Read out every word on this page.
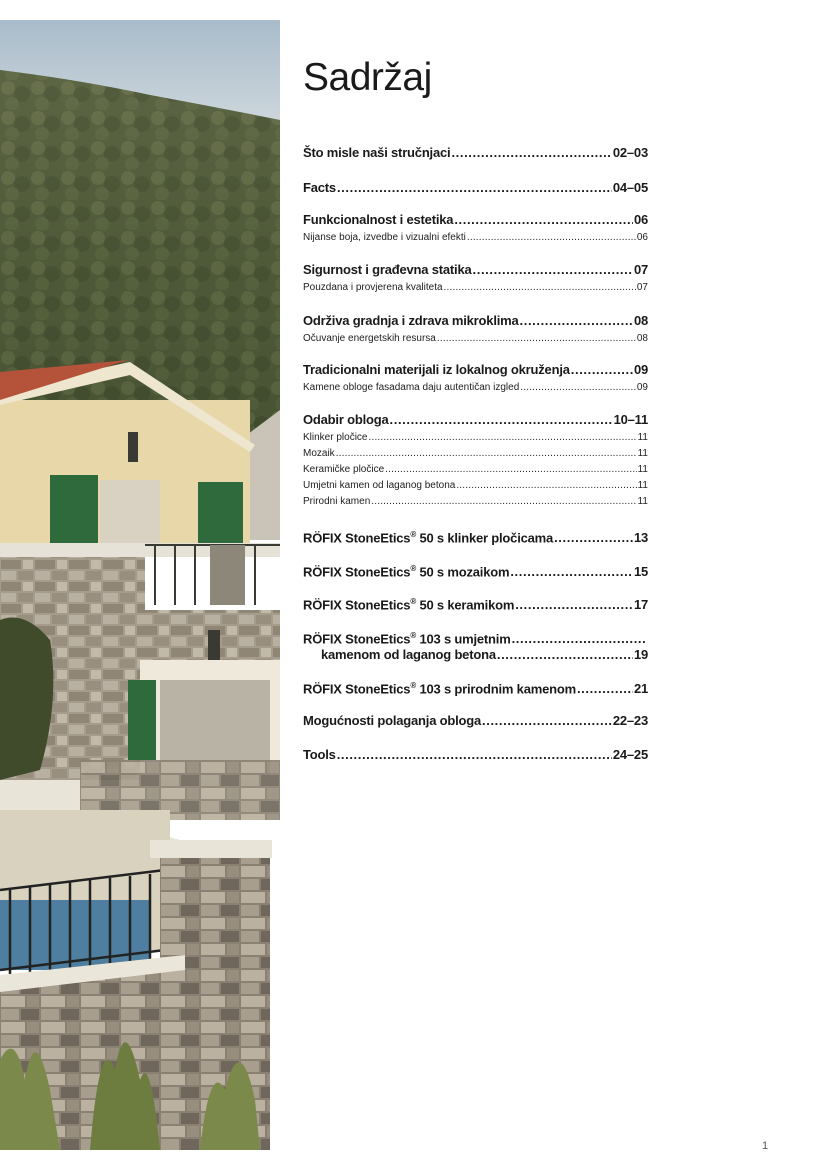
Sadržaj
Što misle naši stručnjaci .....	02–03
Facts .....	04–05
Funkcionalnost i estetika .....	06
Nijanse boja, izvedbe i vizualni efekti .....	06
Sigurnost i građevna statika .....	07
Pouzdana i provjerena kvaliteta .....	07
Održiva gradnja i zdrava mikroklima .....	08
Očuvanje energetskih resursa .....	08
Tradicionalni materijali iz lokalnog okruženja .....	09
Kamene obloge fasadama daju autentičan izgled .....	09
Odabir obloga .....	10–11
Klinker pločice .....	11
Mozaik .....	11
Keramičke pločice .....	11
Umjetni kamen od laganog betona .....	11
Prirodni kamen .....	11
RÖFIX StoneEtics® 50 s klinker pločicama .....	13
RÖFIX StoneEtics® 50 s mozaikom .....	15
RÖFIX StoneEtics® 50 s keramikom .....	17
RÖFIX StoneEtics® 103 s umjetnim
.....
kamenom od laganog betona .....	19
RÖFIX StoneEtics® 103 s prirodnim kamenom .....	21
Mogućnosti polaganja obloga .....	22–23
Tools .....	24–25
1
